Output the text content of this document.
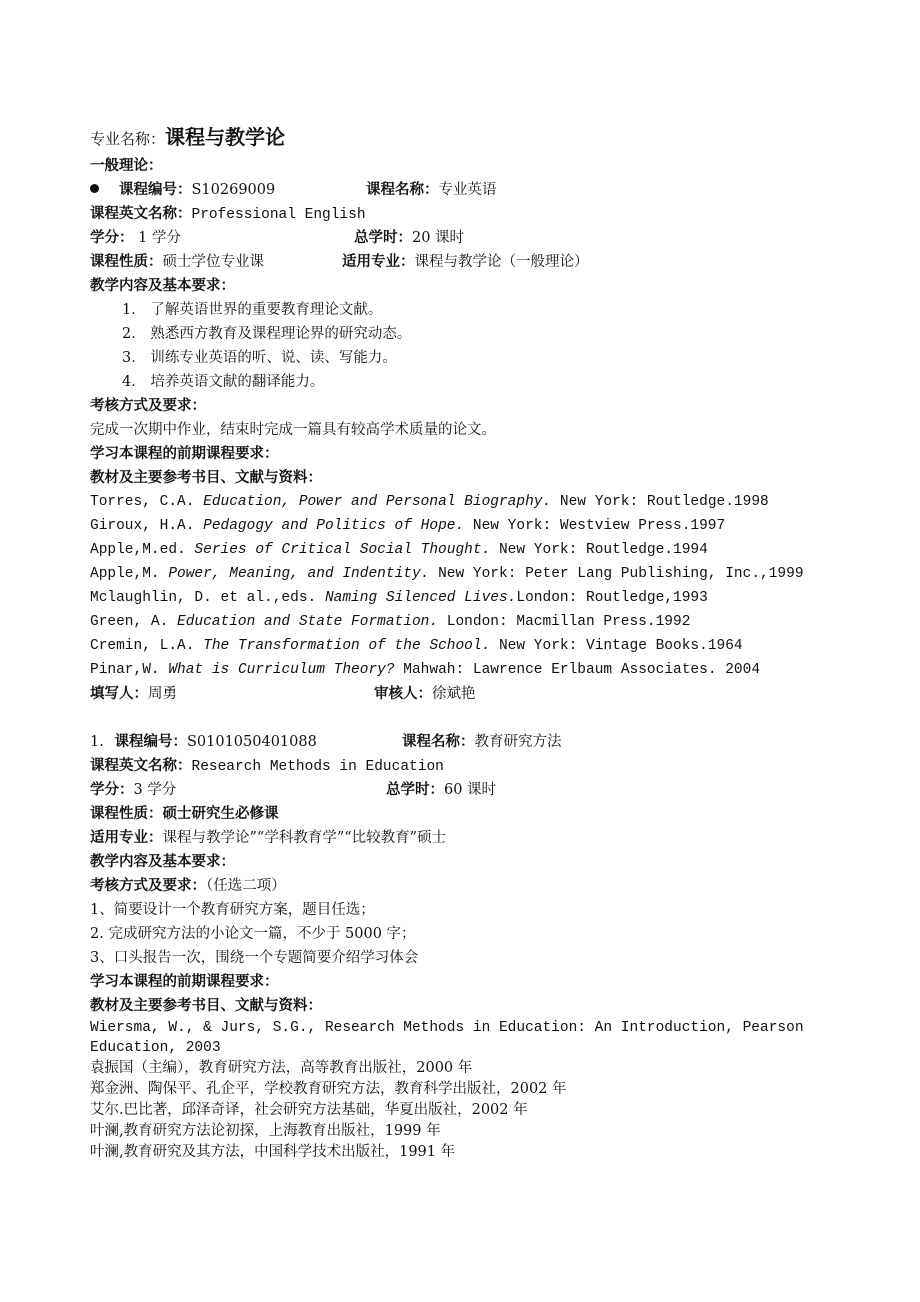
专业名称：课程与教学论
一般理论：
课程编号：S10269009	课程名称：专业英语
课程英文名称：Professional English
学分： 1 学分	总学时：20 课时
课程性质：硕士学位专业课	适用专业：课程与教学论（一般理论）
教学内容及基本要求：
1． 了解英语世界的重要教育理论文献。
2． 熟悉西方教育及课程理论界的研究动态。
3． 训练专业英语的听、说、读、写能力。
4． 培养英语文献的翻译能力。
考核方式及要求：
完成一次期中作业，结束时完成一篇具有较高学术质量的论文。
学习本课程的前期课程要求：
教材及主要参考书目、文献与资料：
Torres, C.A. Education, Power and Personal Biography. New York: Routledge.1998
Giroux, H.A. Pedagogy and Politics of Hope. New York: Westview Press.1997
Apple,M.ed. Series of Critical Social Thought. New York: Routledge.1994
Apple,M. Power, Meaning, and Indentity. New York: Peter Lang Publishing, Inc.,1999
Mclaughlin, D. et al.,eds. Naming Silenced Lives.London: Routledge,1993
Green, A. Education and State Formation. London: Macmillan Press.1992
Cremin, L.A. The Transformation of the School. New York: Vintage Books.1964
Pinar,W. What is Curriculum Theory? Mahwah: Lawrence Erlbaum Associates. 2004
填写人：周勇	审核人：徐斌艳
1. 课程编号：S0101050401088	课程名称：教育研究方法
课程英文名称：Research Methods in Education
学分：3 学分	总学时：60 课时
课程性质：硕士研究生必修课
适用专业：课程与教学论”“学科教育学”“比较教育”硕士
教学内容及基本要求：
考核方式及要求：（任选二项）
1、简要设计一个教育研究方案，题目任选；
2. 完成研究方法的小论文一篇，不少于 5000 字；
3、口头报告一次，围绕一个专题简要介绍学习体会
学习本课程的前期课程要求：
教材及主要参考书目、文献与资料：
Wiersma, W., & Jurs, S.G., Research Methods in Education: An Introduction, Pearson Education, 2003
袁振国（主编），教育研究方法，高等教育出版社，2000 年
郑金洲、陶保平、孔企平，学校教育研究方法，教育科学出版社，2002 年
艾尔.巴比著，邱泽奇译，社会研究方法基础，华夏出版社，2002 年
叶澜,教育研究方法论初探，上海教育出版社，1999 年
叶澜,教育研究及其方法，中国科学技术出版社，1991 年
